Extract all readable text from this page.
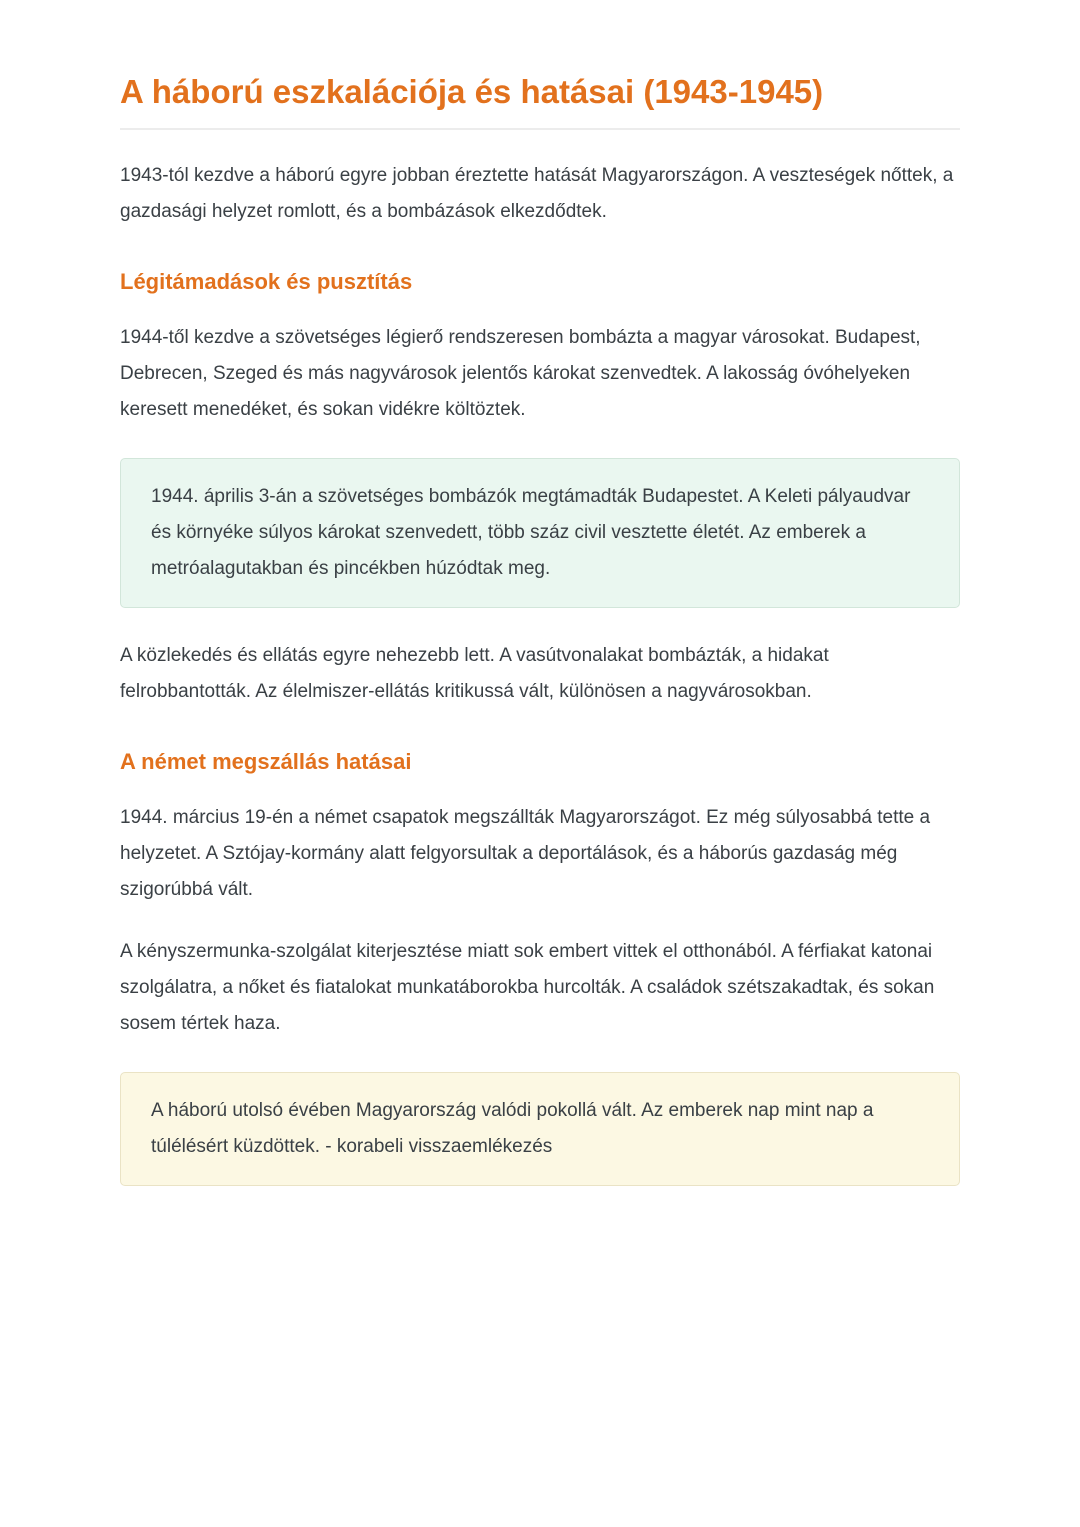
A háború eszkalációja és hatásai (1943-1945)

1943-tól kezdve a háború egyre jobban éreztette hatását Magyarországon. A veszteségek nőttek, a gazdasági helyzet romlott, és a bombázások elkezdődtek.

Légitámadások és pusztítás

1944-től kezdve a szövetséges légierő rendszeresen bombázta a magyar városokat. Budapest, Debrecen, Szeged és más nagyvárosok jelentős károkat szenvedtek. A lakosság óvóhelyeken keresett menedéket, és sokan vidékre költöztek.

1944. április 3-án a szövetséges bombázók megtámadták Budapestet. A Keleti pályaudvar és környéke súlyos károkat szenvedett, több száz civil vesztette életét. Az emberek a metróalagutakban és pincékben húzódtak meg.

A közlekedés és ellátás egyre nehezebb lett. A vasútvonalakat bombázták, a hidakat felrobbantották. Az élelmiszer-ellátás kritikussá vált, különösen a nagyvárosokban.

A német megszállás hatásai

1944. március 19-én a német csapatok megszállták Magyarországot. Ez még súlyosabbá tette a helyzetet. A Sztójay-kormány alatt felgyorsultak a deportálások, és a háborús gazdaság még szigorúbbá vált.

A kényszermunka-szolgálat kiterjesztése miatt sok embert vittek el otthonából. A férfiakat katonai szolgálatra, a nőket és fiatalokat munkatáborokba hurcolták. A családok szétszakadtak, és sokan sosem tértek haza.

A háború utolsó évében Magyarország valódi pokollá vált. Az emberek nap mint nap a túlélésért küzdöttek. - korabeli visszaemlékezés
